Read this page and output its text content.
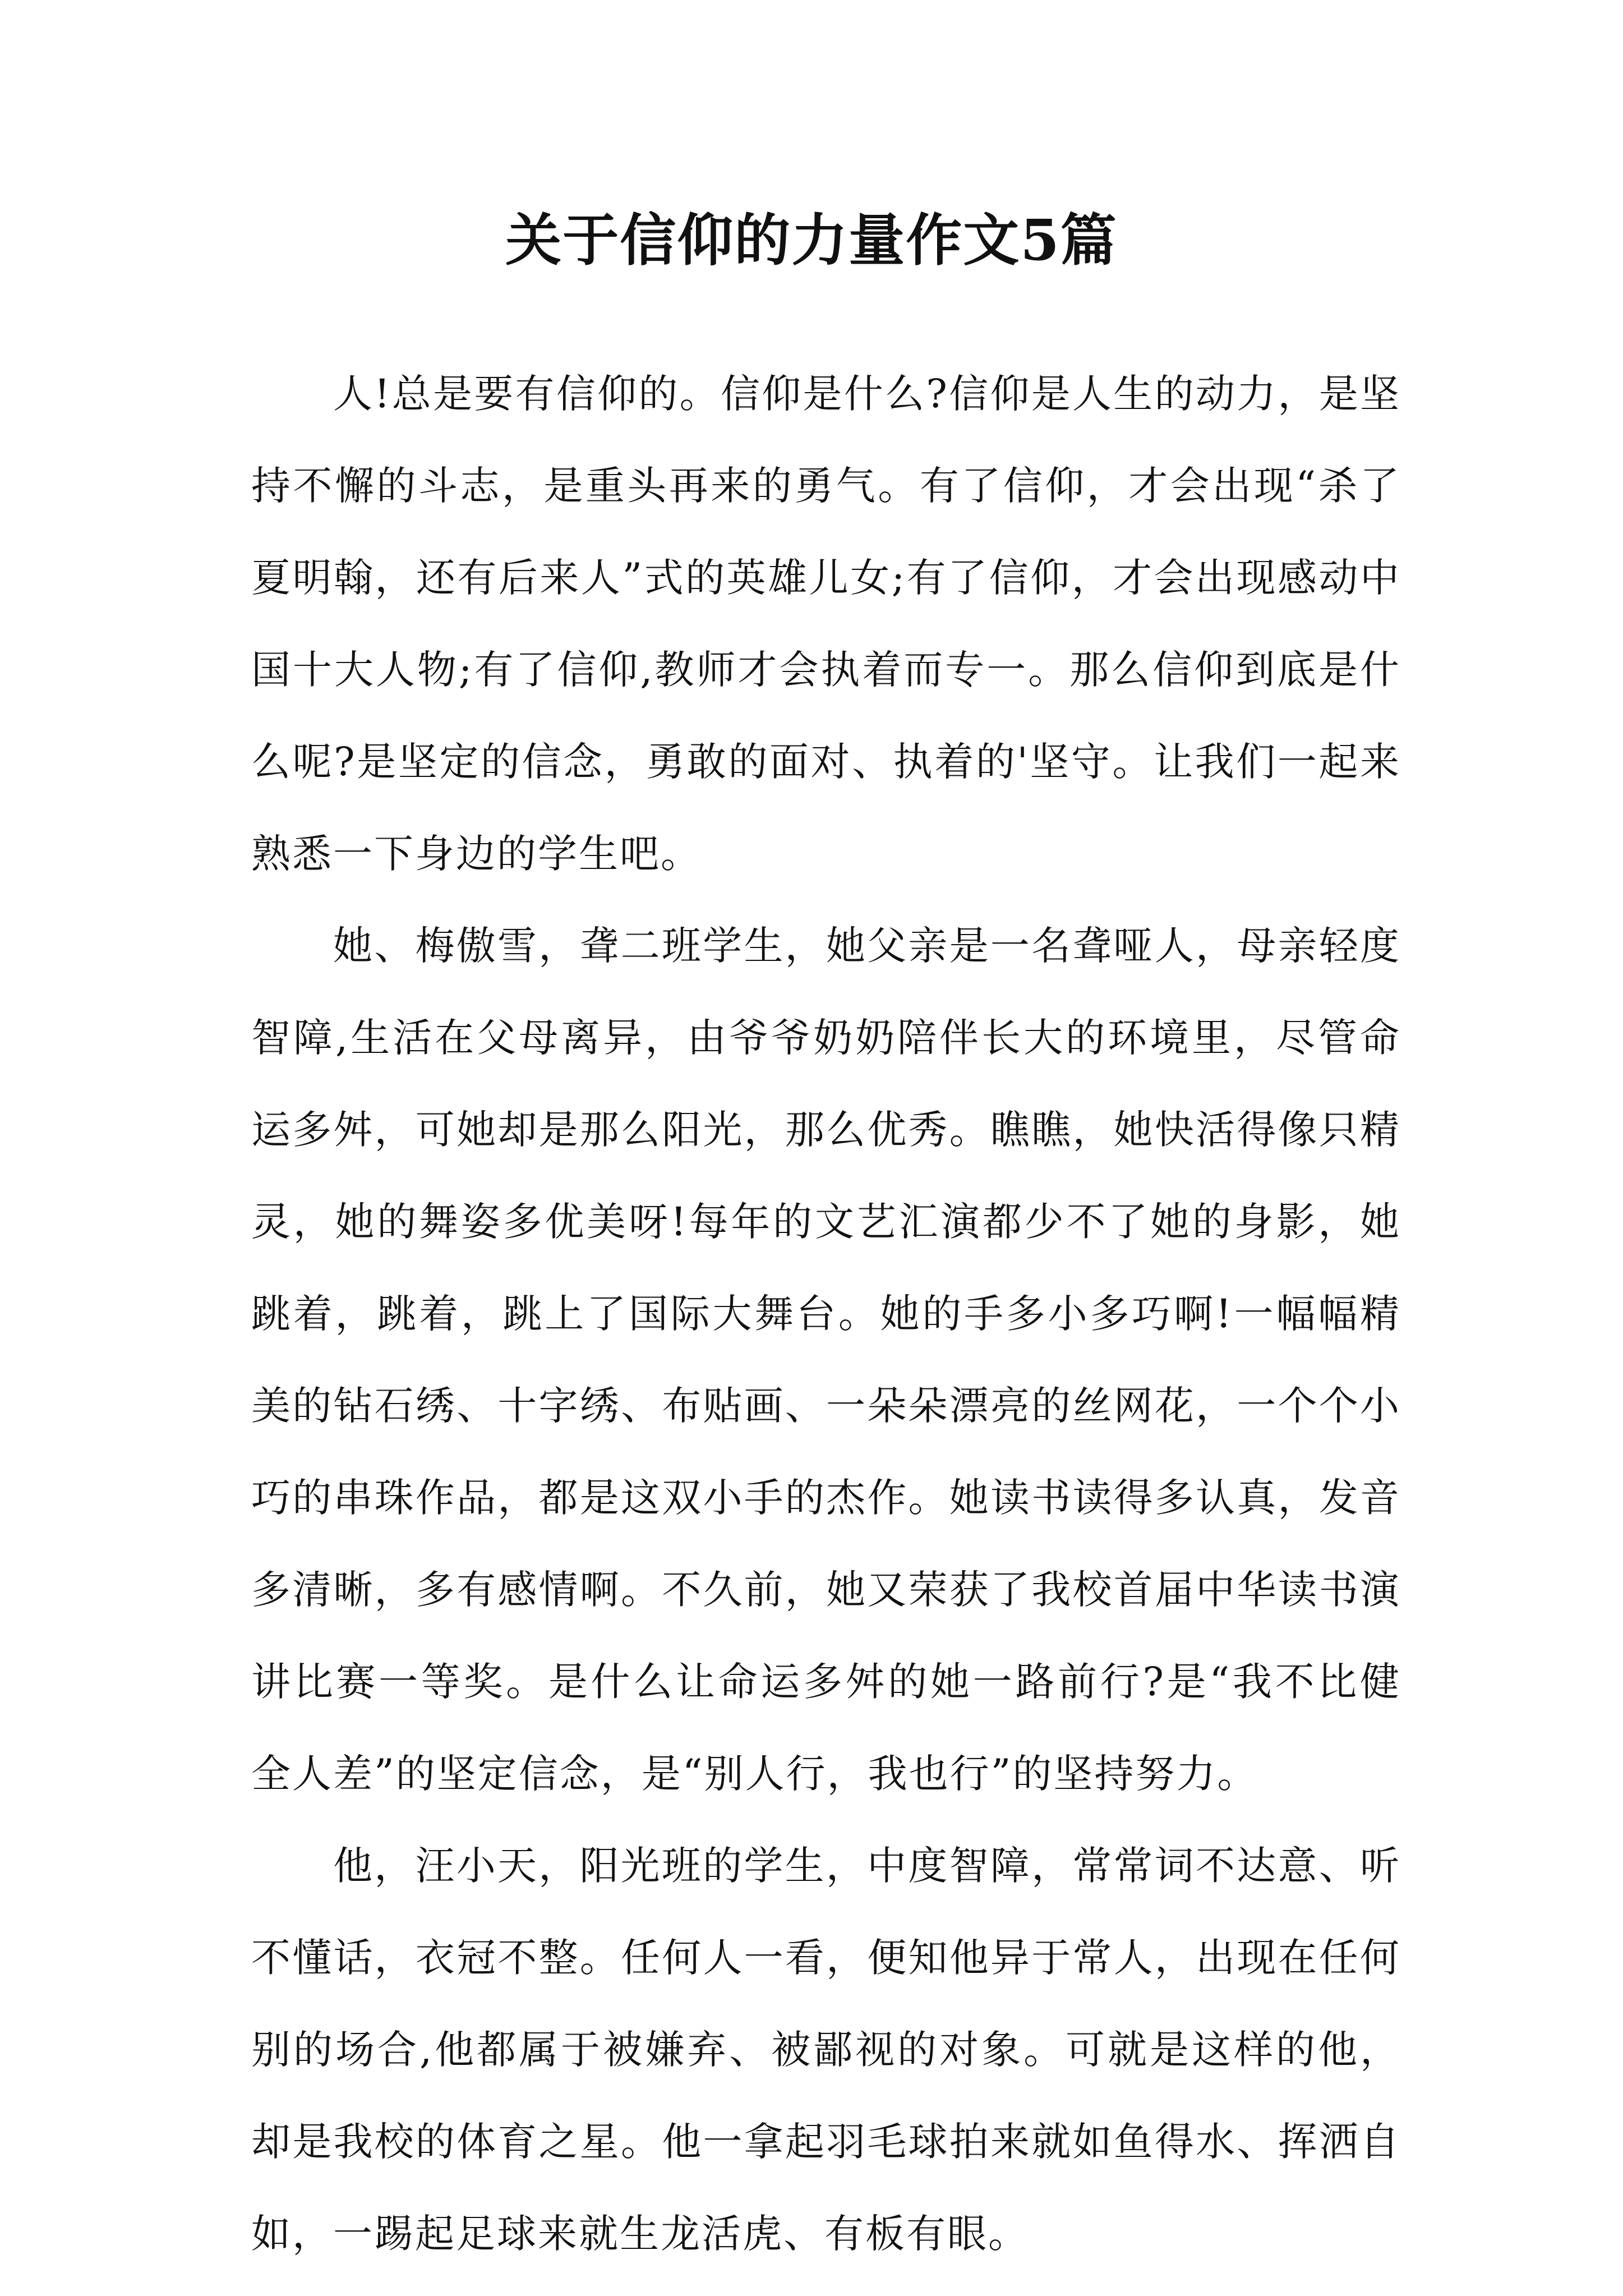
关于信仰的力量作文5篇

人!总是要有信仰的。信仰是什么?信仰是人生的动力，是坚持不懈的斗志，是重头再来的勇气。有了信仰，才会出现“杀了夏明翰，还有后来人”式的英雄儿女;有了信仰，才会出现感动中国十大人物;有了信仰,教师才会执着而专一。那么信仰到底是什么呢?是坚定的信念，勇敢的面对、执着的'坚守。让我们一起来熟悉一下身边的学生吧。

她、梅傲雪，聋二班学生，她父亲是一名聋哑人，母亲轻度智障,生活在父母离异，由爷爷奶奶陪伴长大的环境里，尽管命运多舛，可她却是那么阳光，那么优秀。瞧瞧，她快活得像只精灵，她的舞姿多优美呀!每年的文艺汇演都少不了她的身影，她跳着，跳着，跳上了国际大舞台。她的手多小多巧啊!一幅幅精美的钻石绣、十字绣、布贴画、一朵朵漂亮的丝网花，一个个小巧的串珠作品，都是这双小手的杰作。她读书读得多认真，发音多清晰，多有感情啊。不久前，她又荣获了我校首届中华读书演讲比赛一等奖。是什么让命运多舛的她一路前行?是“我不比健全人差”的坚定信念，是“别人行，我也行”的坚持努力。

他，汪小天，阳光班的学生，中度智障，常常词不达意、听不懂话，衣冠不整。任何人一看，便知他异于常人，出现在任何别的场合,他都属于被嫌弃、被鄙视的对象。可就是这样的他，却是我校的体育之星。他一拿起羽毛球拍来就如鱼得水、挥洒自如，一踢起足球来就生龙活虎、有板有眼。
